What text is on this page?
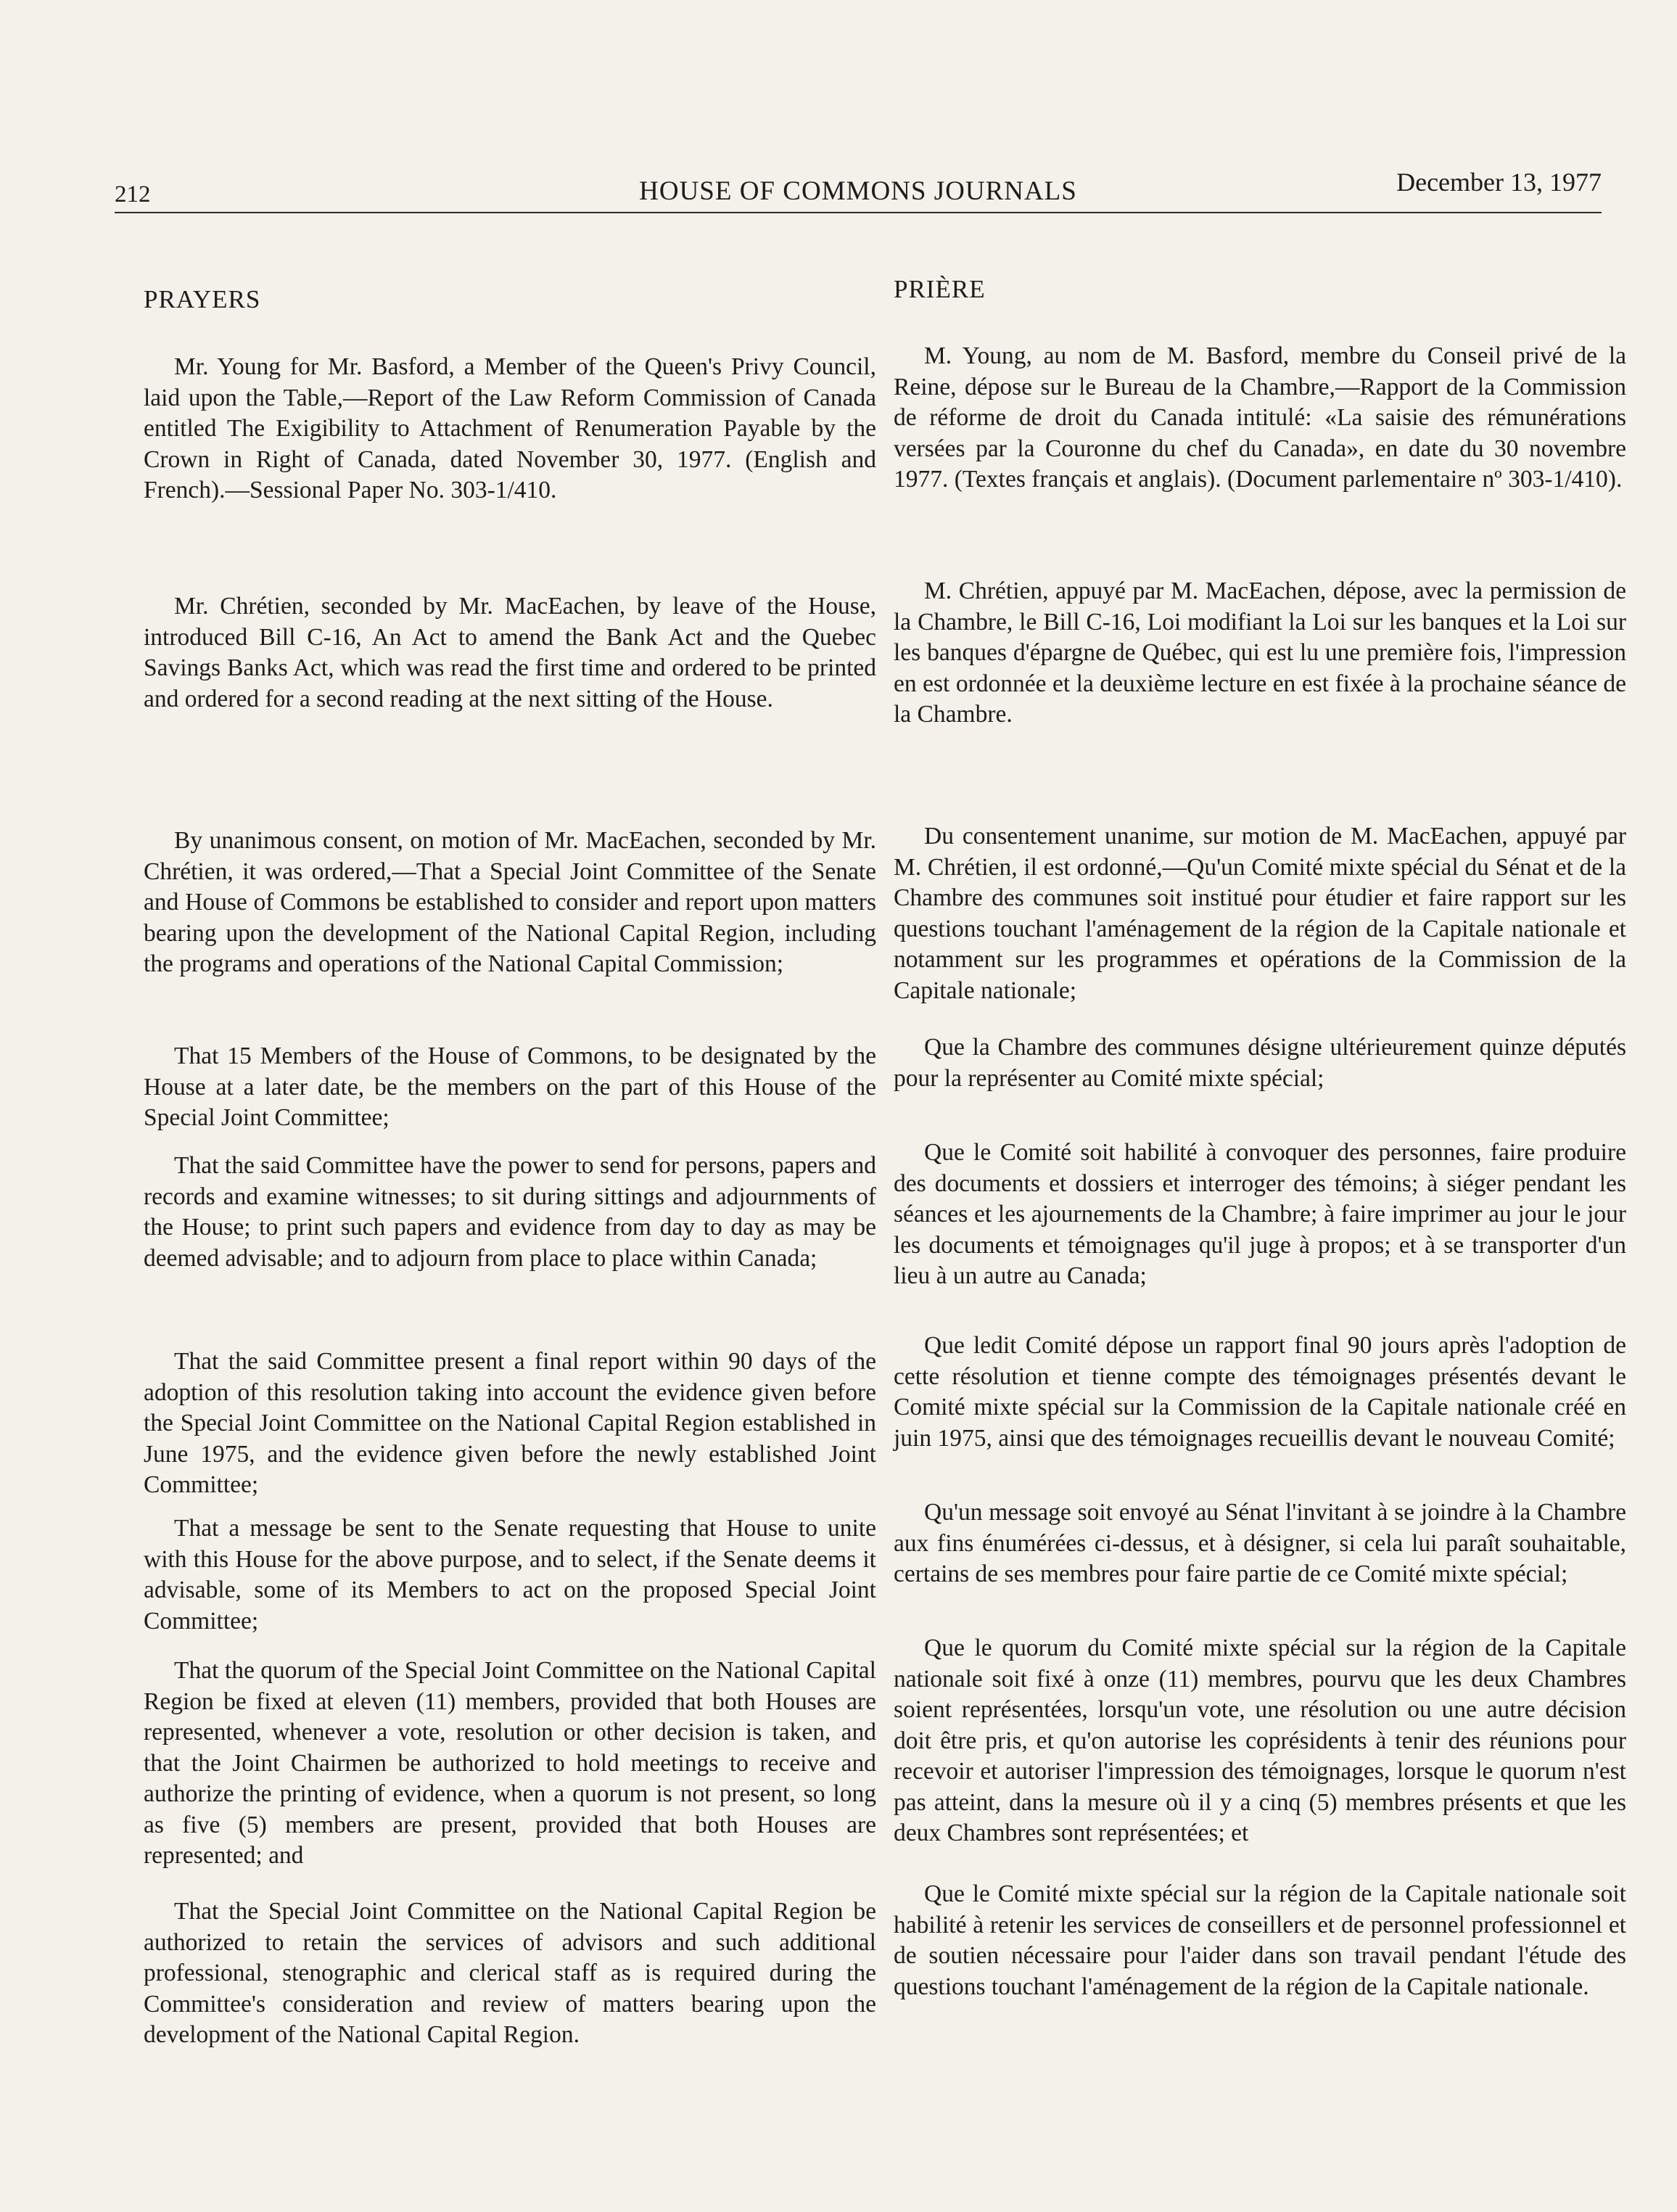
212	HOUSE OF COMMONS JOURNALS	December 13, 1977
PRAYERS

Mr. Young for Mr. Basford, a Member of the Queen's Privy Council, laid upon the Table,—Report of the Law Reform Commission of Canada entitled The Exigibility to Attachment of Renumeration Payable by the Crown in Right of Canada, dated November 30, 1977. (English and French).—Sessional Paper No. 303-1/410.

Mr. Chrétien, seconded by Mr. MacEachen, by leave of the House, introduced Bill C-16, An Act to amend the Bank Act and the Quebec Savings Banks Act, which was read the first time and ordered to be printed and ordered for a second reading at the next sitting of the House.

By unanimous consent, on motion of Mr. MacEachen, seconded by Mr. Chrétien, it was ordered,—That a Special Joint Committee of the Senate and House of Commons be established to consider and report upon matters bearing upon the development of the National Capital Region, including the programs and operations of the National Capital Commission;

That 15 Members of the House of Commons, to be designated by the House at a later date, be the members on the part of this House of the Special Joint Committee;

That the said Committee have the power to send for persons, papers and records and examine witnesses; to sit during sittings and adjournments of the House; to print such papers and evidence from day to day as may be deemed advisable; and to adjourn from place to place within Canada;

That the said Committee present a final report within 90 days of the adoption of this resolution taking into account the evidence given before the Special Joint Committee on the National Capital Region established in June 1975, and the evidence given before the newly established Joint Committee;

That a message be sent to the Senate requesting that House to unite with this House for the above purpose, and to select, if the Senate deems it advisable, some of its Members to act on the proposed Special Joint Committee;

That the quorum of the Special Joint Committee on the National Capital Region be fixed at eleven (11) members, provided that both Houses are represented, whenever a vote, resolution or other decision is taken, and that the Joint Chairmen be authorized to hold meetings to receive and authorize the printing of evidence, when a quorum is not present, so long as five (5) members are present, provided that both Houses are represented; and

That the Special Joint Committee on the National Capital Region be authorized to retain the services of advisors and such additional professional, stenographic and clerical staff as is required during the Committee's consideration and review of matters bearing upon the development of the National Capital Region.

PRIÈRE

M. Young, au nom de M. Basford, membre du Conseil privé de la Reine, dépose sur le Bureau de la Chambre,—Rapport de la Commission de réforme de droit du Canada intitulé: «La saisie des rémunérations versées par la Couronne du chef du Canada», en date du 30 novembre 1977. (Textes français et anglais). (Document parlementaire nº 303-1/410).

M. Chrétien, appuyé par M. MacEachen, dépose, avec la permission de la Chambre, le Bill C-16, Loi modifiant la Loi sur les banques et la Loi sur les banques d'épargne de Québec, qui est lu une première fois, l'impression en est ordonnée et la deuxième lecture en est fixée à la prochaine séance de la Chambre.

Du consentement unanime, sur motion de M. MacEachen, appuyé par M. Chrétien, il est ordonné,—Qu'un Comité mixte spécial du Sénat et de la Chambre des communes soit institué pour étudier et faire rapport sur les questions touchant l'aménagement de la région de la Capitale nationale et notamment sur les programmes et opérations de la Commission de la Capitale nationale;

Que la Chambre des communes désigne ultérieurement quinze députés pour la représenter au Comité mixte spécial;

Que le Comité soit habilité à convoquer des personnes, faire produire des documents et dossiers et interroger des témoins; à siéger pendant les séances et les ajournements de la Chambre; à faire imprimer au jour le jour les documents et témoignages qu'il juge à propos; et à se transporter d'un lieu à un autre au Canada;

Que ledit Comité dépose un rapport final 90 jours après l'adoption de cette résolution et tienne compte des témoignages présentés devant le Comité mixte spécial sur la Commission de la Capitale nationale créé en juin 1975, ainsi que des témoignages recueillis devant le nouveau Comité;

Qu'un message soit envoyé au Sénat l'invitant à se joindre à la Chambre aux fins énumérées ci-dessus, et à désigner, si cela lui paraît souhaitable, certains de ses membres pour faire partie de ce Comité mixte spécial;

Que le quorum du Comité mixte spécial sur la région de la Capitale nationale soit fixé à onze (11) membres, pourvu que les deux Chambres soient représentées, lorsqu'un vote, une résolution ou une autre décision doit être pris, et qu'on autorise les coprésidents à tenir des réunions pour recevoir et autoriser l'impression des témoignages, lorsque le quorum n'est pas atteint, dans la mesure où il y a cinq (5) membres présents et que les deux Chambres sont représentées; et

Que le Comité mixte spécial sur la région de la Capitale nationale soit habilité à retenir les services de conseillers et de personnel professionnel et de soutien nécessaire pour l'aider dans son travail pendant l'étude des questions touchant l'aménagement de la région de la Capitale nationale.
